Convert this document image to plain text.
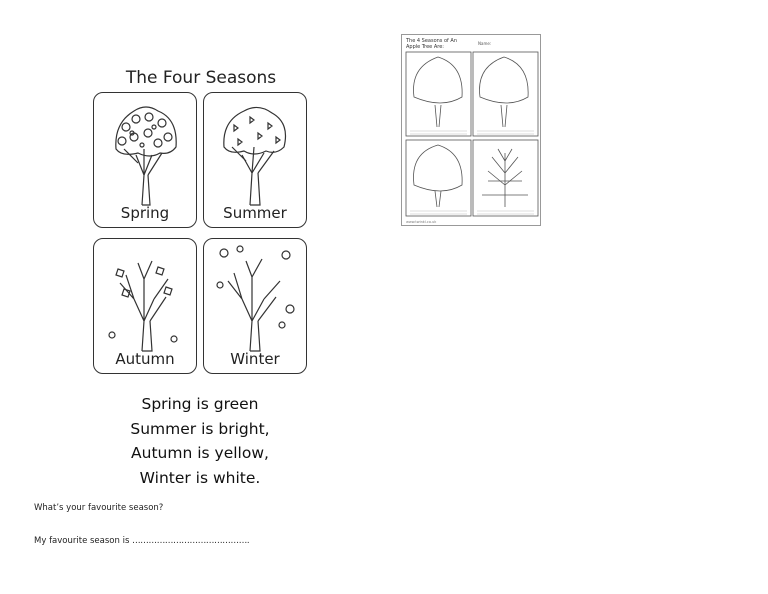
The Four Seasons
Spring	Summer
Autumn	Winter
Spring is green
Summer is bright,
Autumn is yellow,
Winter is white.
What’s your favourite season?
My favourite season is …………………………………….
The 4 Seasons of An Apple Tree Are:
Name:
www.twinkl.co.uk
